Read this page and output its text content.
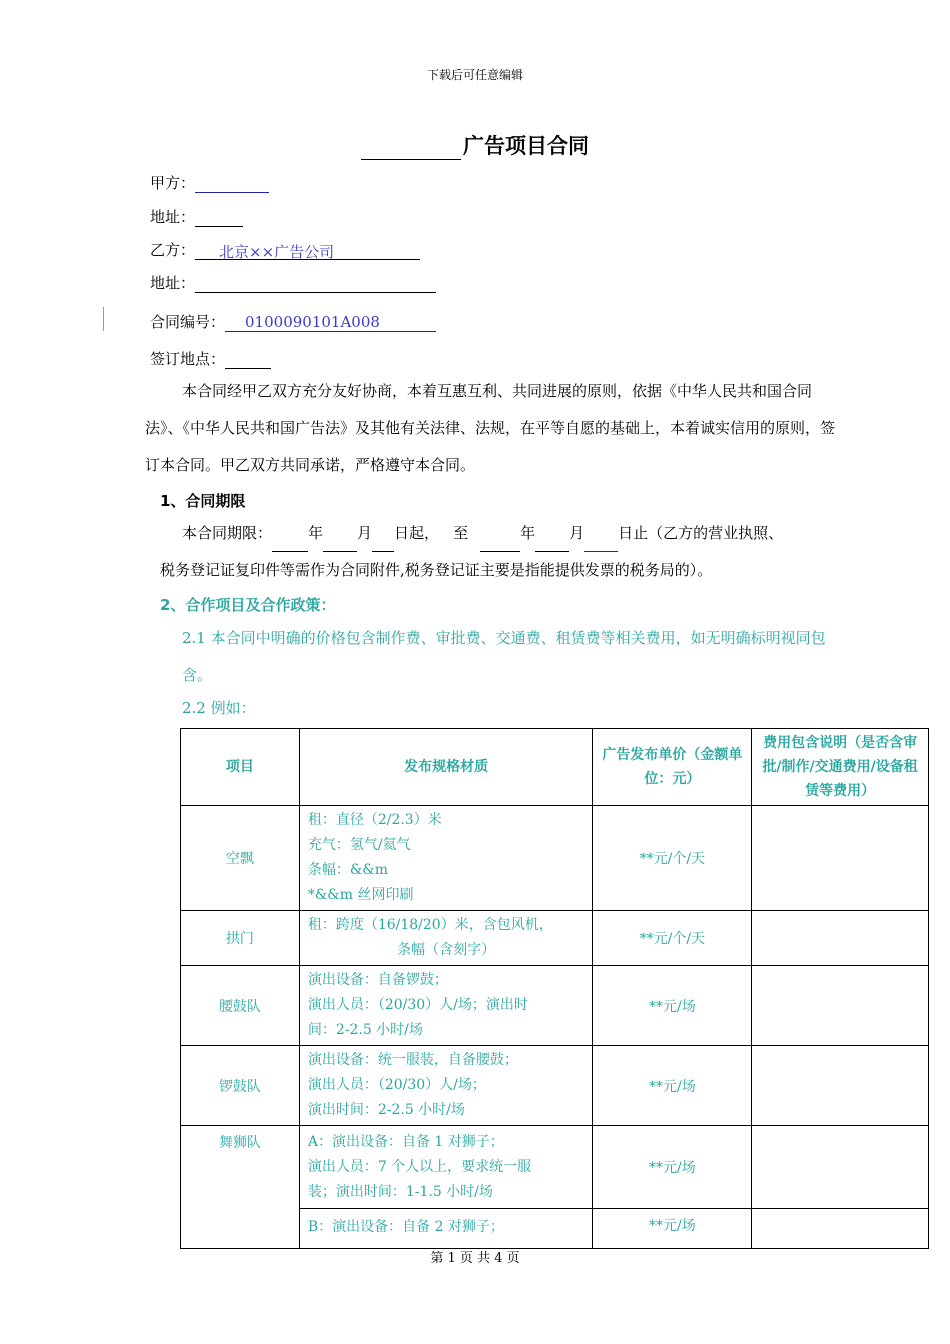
下载后可任意编辑
广告项目合同
甲方：
地址：
乙方： 北京××广告公司
地址：
合同编号： 0100090101A008
签订地点：
本合同经甲乙双方充分友好协商，本着互惠互利、共同进展的原则，依据《中华人民共和国合同法》、《中华人民共和国广告法》及其他有关法律、法规，在平等自愿的基础上，本着诚实信用的原则，签订本合同。甲乙双方共同承诺，严格遵守本合同。
1、合同期限
本合同期限： 年 月 日起， 至	年 月 日止（乙方的营业执照、
税务登记证复印件等需作为合同附件,税务登记证主要是指能提供发票的税务局的）。
2、合作项目及合作政策：
2.1 本合同中明确的价格包含制作费、审批费、交通费、租赁费等相关费用，如无明确标明视同包含。
2.2 例如：
项目	发布规格材质	广告发布单价（金额单位：元）	费用包含说明（是否含审批/制作/交通费用/设备租赁等费用）
空飘	租：直径（2/2.3）米
充气：氢气/氦气
条幅：&&m
*&&m 丝网印刷	**元/个/天	
拱门	租：跨度（16/18/20）米，含包风机，
条幅（含刻字）	**元/个/天	
腰鼓队	演出设备：自备锣鼓；
演出人员：（20/30）人/场；演出时
间：2-2.5 小时/场	**元/场	
锣鼓队	演出设备：统一服装，自备腰鼓；
演出人员：（20/30）人/场；
演出时间：2-2.5 小时/场	**元/场	
舞狮队	A：演出设备：自备 1 对狮子；
演出人员：7 个人以上，要求统一服
装；演出时间：1-1.5 小时/场	**元/场	

	B：演出设备：自备 2 对狮子；	**元/场	
第 1 页 共 4 页
